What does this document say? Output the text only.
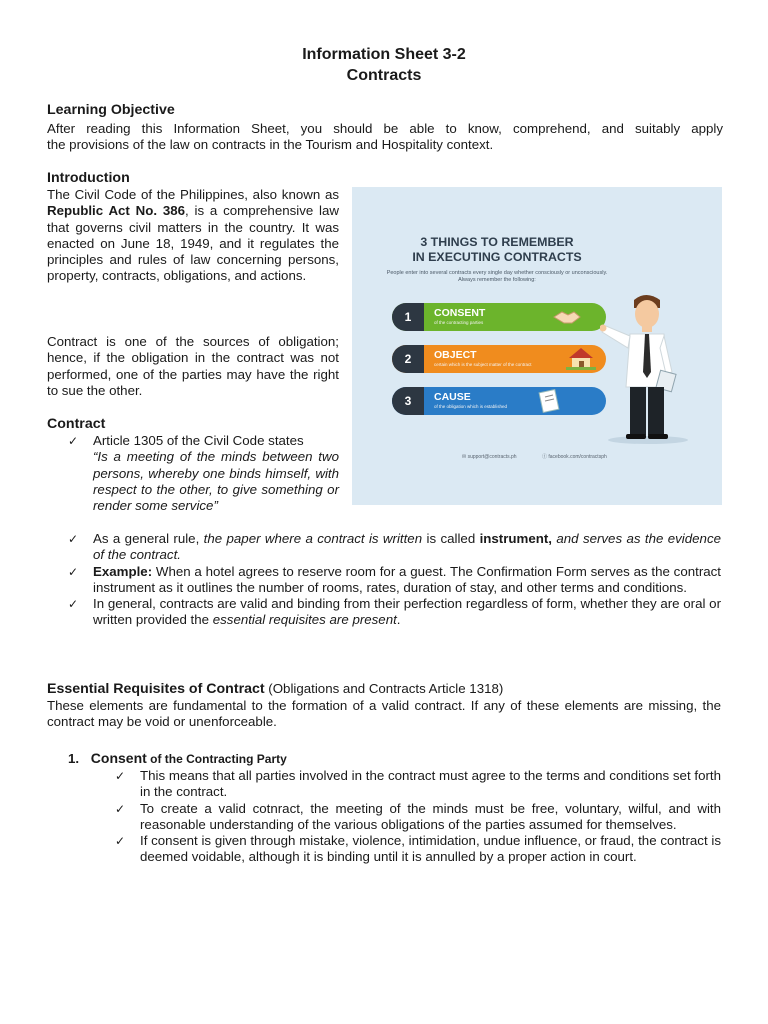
Information Sheet 3-2
Contracts
Learning Objective
After reading this Information Sheet, you should be able to know, comprehend, and suitably apply
the provisions of the law on contracts in the Tourism and Hospitality context.
Introduction
The Civil Code of the Philippines, also known as Republic Act No. 386, is a comprehensive law that governs civil matters in the country. It was enacted on June 18, 1949, and it regulates the principles and rules of law concerning persons, property, contracts, obligations, and actions.
Contract is one of the sources of obligation; hence, if the obligation in the contract was not performed, one of the parties may have the right to sue the other.
3 THINGS TO REMEMBER
IN EXECUTING CONTRACTS
People enter into several contracts every single day whether consciously or unconsciously.
Always remember the following:
1	CONSENT
of the contracting parties
2	OBJECT
certain which is the subject matter of the contract
3	CAUSE
of the obligation which is established
✉ support@contracts.ph	ⓕ facebook.com/contractsph
Contract
✓ Article 1305 of the Civil Code states

“Is a meeting of the minds between two persons, whereby one binds himself, with respect to the other, to give something or render some service”
✓ As a general rule, the paper where a contract is written is called instrument, and serves as the evidence of the contract.
✓ Example: When a hotel agrees to reserve room for a guest. The Confirmation Form serves as the contract instrument as it outlines the number of rooms, rates, duration of stay, and other terms and conditions.
✓ In general, contracts are valid and binding from their perfection regardless of form, whether they are oral or written provided the essential requisites are present.
Essential Requisites of Contract (Obligations and Contracts Article 1318)
These elements are fundamental to the formation of a valid contract. If any of these elements are missing, the contract may be void or unenforceable.
1. Consent of the Contracting Party
✓ This means that all parties involved in the contract must agree to the terms and conditions set forth in the contract.
✓ To create a valid cotnract, the meeting of the minds must be free, voluntary, wilful, and with reasonable understanding of the various obligations of the parties assumed for themselves.
✓ If consent is given through mistake, violence, intimidation, undue influence, or fraud, the contract is deemed voidable, although it is binding until it is annulled by a proper action in court.
